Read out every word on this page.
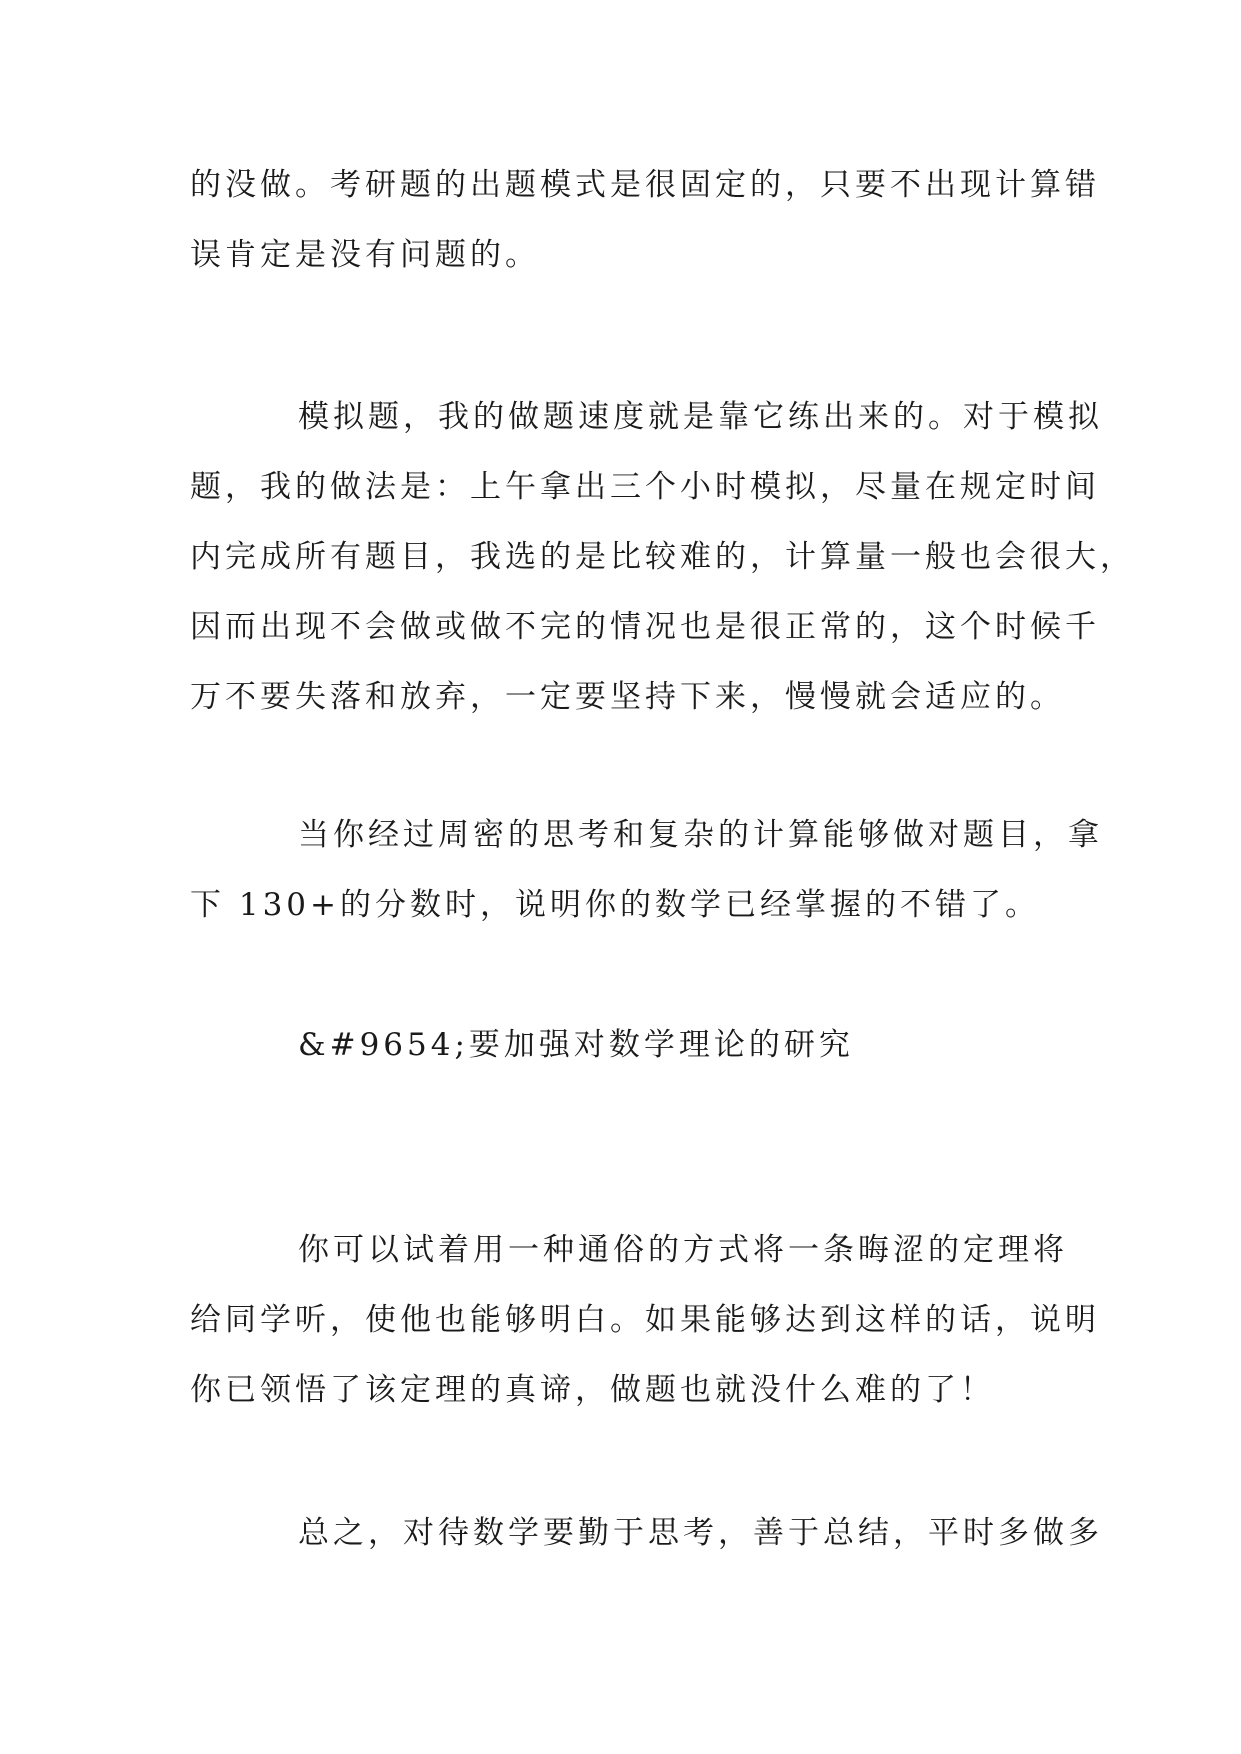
的没做。考研题的出题模式是很固定的，只要不出现计算错
误肯定是没有问题的。
模拟题，我的做题速度就是靠它练出来的。对于模拟
题，我的做法是：上午拿出三个小时模拟，尽量在规定时间
内完成所有题目，我选的是比较难的，计算量一般也会很大，
因而出现不会做或做不完的情况也是很正常的，这个时候千
万不要失落和放弃，一定要坚持下来，慢慢就会适应的。
当你经过周密的思考和复杂的计算能够做对题目，拿
下 130+的分数时，说明你的数学已经掌握的不错了。
&#9654;要加强对数学理论的研究
你可以试着用一种通俗的方式将一条晦涩的定理将
给同学听，使他也能够明白。如果能够达到这样的话，说明
你已领悟了该定理的真谛，做题也就没什么难的了！
总之，对待数学要勤于思考，善于总结，平时多做多
